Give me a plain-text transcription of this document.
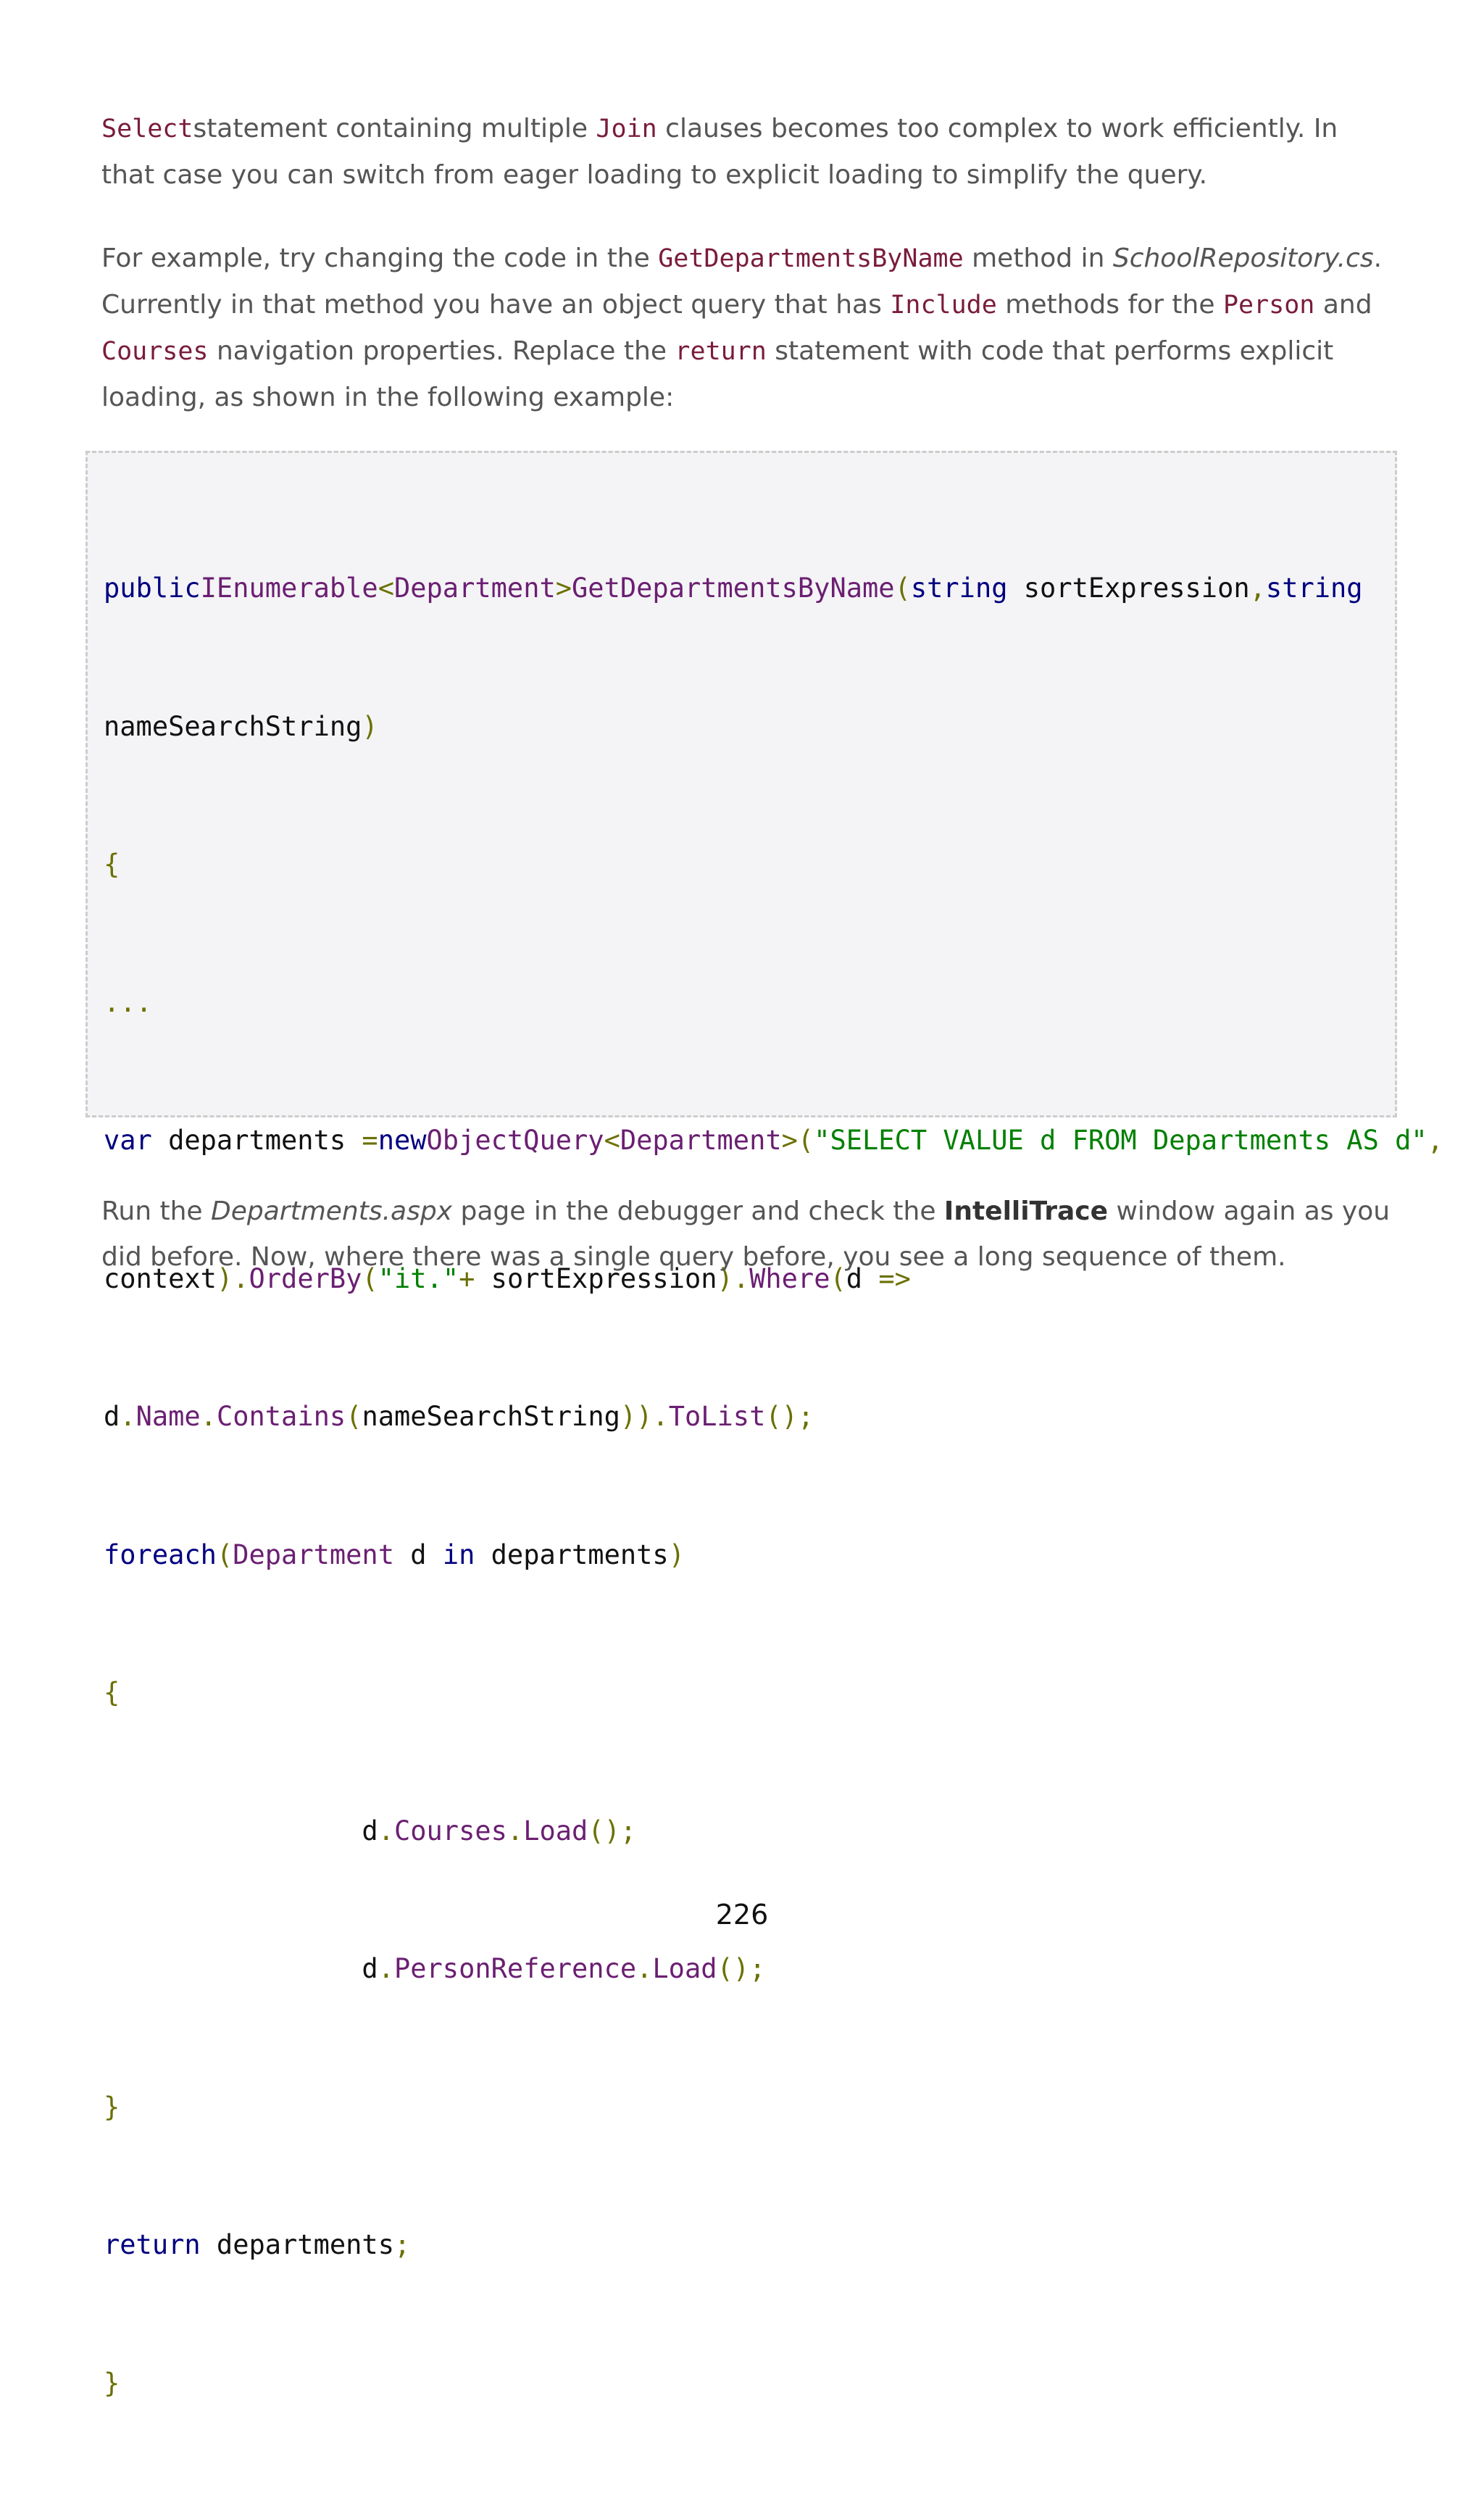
Selectstatement containing multiple Join clauses becomes too complex to work efficiently. In that case you can switch from eager loading to explicit loading to simplify the query.

For example, try changing the code in the GetDepartmentsByName method in SchoolRepository.cs. Currently in that method you have an object query that has Include methods for the Person and Courses navigation properties. Replace the return statement with code that performs explicit loading, as shown in the following example:

publicIEnumerable<Department>GetDepartmentsByName(string sortExpression,string

nameSearchString)

{

...

var departments =newObjectQuery<Department>("SELECT VALUE d FROM Departments AS d",

context).OrderBy("it."+ sortExpression).Where(d =>

d.Name.Contains(nameSearchString)).ToList();

foreach(Department d in departments)

{

d.Courses.Load();

d.PersonReference.Load();

}

return departments;

}

Run the Departments.aspx page in the debugger and check the IntelliTrace window again as you did before. Now, where there was a single query before, you see a long sequence of them.

226
